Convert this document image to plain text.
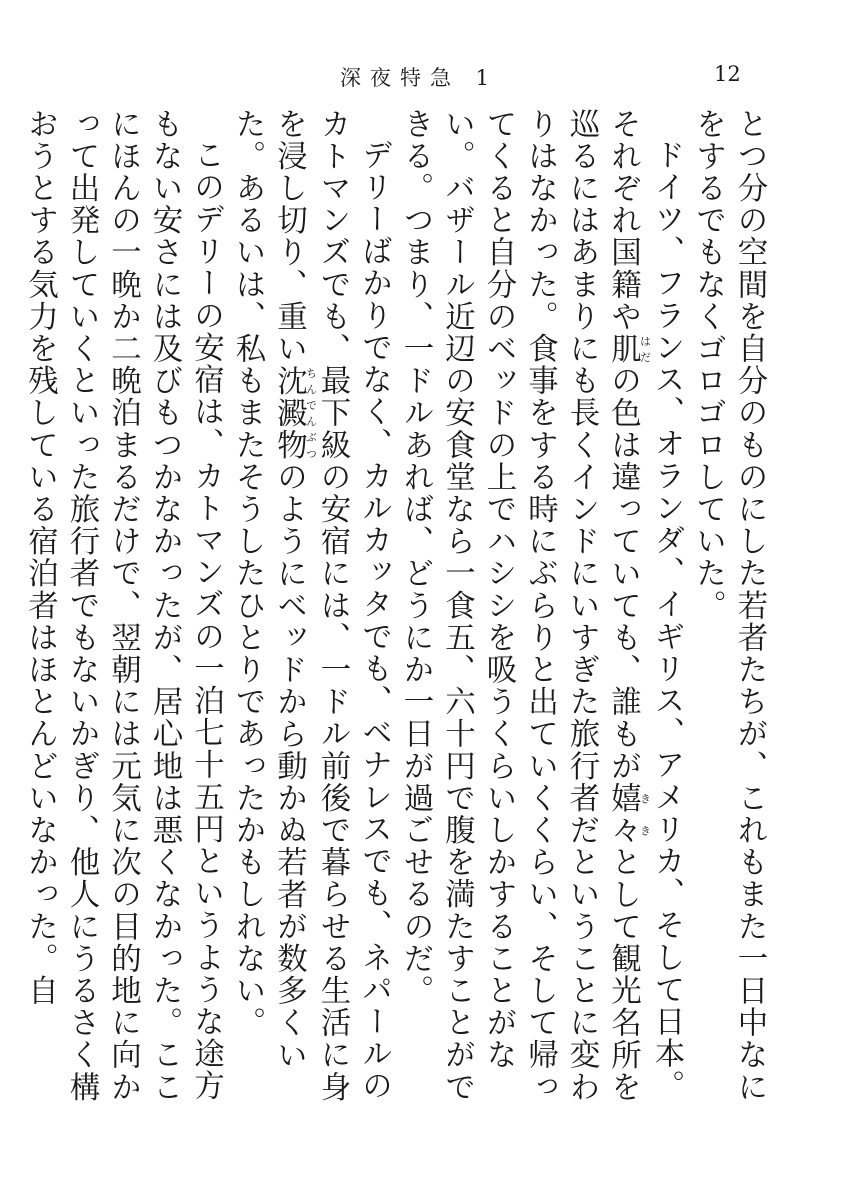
深夜特急 1	12

とつ分の空間を自分のものにした若者たちが、これもまた一日中なにをするでもなくゴロゴロしていた。

ドイツ、フランス、オランダ、イギリス、アメリカ、そして日本。それぞれ国籍や肌はだの色は違っていても、誰もが嬉々ききとして観光名所を巡るにはあまりにも長くインドにいすぎた旅行者だということに変わりはなかった。食事をする時にぶらりと出ていくくらい、そして帰ってくると自分のベッドの上でハシシを吸うくらいしかすることがない。バザール近辺の安食堂なら一食五、六十円で腹を満たすことができる。つまり、一ドルあれば、どうにか一日が過ごせるのだ。

デリーばかりでなく、カルカッタでも、ベナレスでも、ネパールのカトマンズでも、最下級の安宿には、一ドル前後で暮らせる生活に身を浸し切り、重い沈澱物ちんでんぶつのようにベッドから動かぬ若者が数多くいた。あるいは、私もまたそうしたひとりであったかもしれない。

このデリーの安宿は、カトマンズの一泊七十五円というような途方もない安さには及びもつかなかったが、居心地は悪くなかった。ここにほんの一晩か二晩泊まるだけで、翌朝には元気に次の目的地に向かって出発していくといった旅行者でもないかぎり、他人にうるさく構おうとする気力を残している宿泊者はほとんどいなかった。自
